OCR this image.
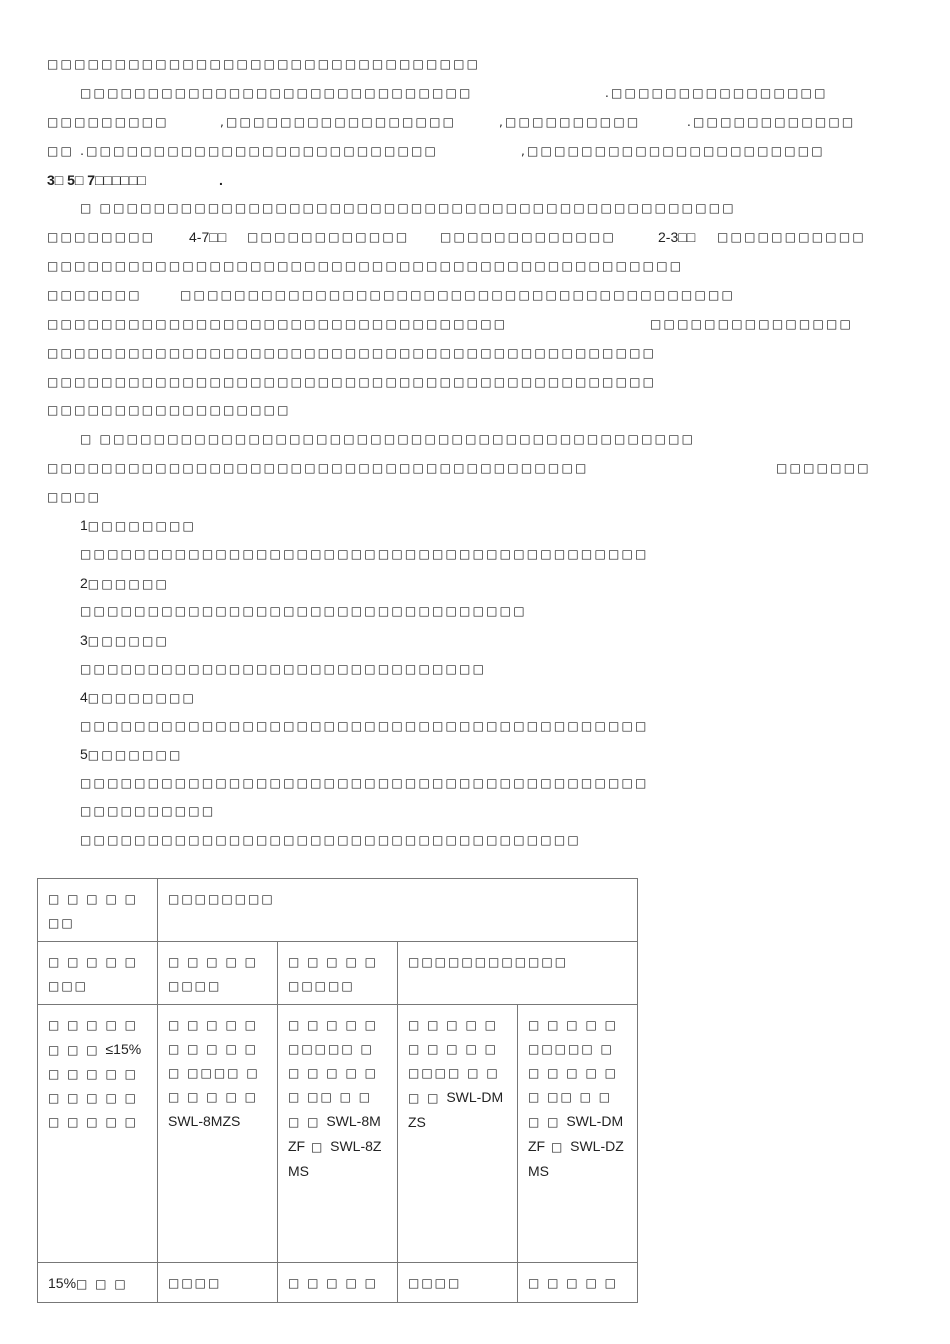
□□□□□□□□□□□□□□□□□□□□□□□□□□□□□□□□
□□□□□□□□□□□□□□□□□□□□□□□□□□□□□	.□□□□□□□□□□□□□□□□
□□□□□□□□□	,□□□□□□□□□□□□□□□□□	,□□□□□□□□□□	.□□□□□□□□□□□□
□□ .□□□□□□□□□□□□□□□□□□□□□□□□□□	,□□□□□□□□□□□□□□□□□□□□□□
3□ 5□ 7□□□□□□	.
□ □□□□□□□□□□□□□□□□□□□□□□□□□□□□□□□□□□□□□□□□□□□□□□□
□□□□□□□□ 4-7□□ □□□□□□□□□□□□	□□□□□□□□□□□□□	2-3□□ □□□□□□□□□□□
□□□□□□□□□□□□□□□□□□□□□□□□□□□□□□□□□□□□□□□□□□□□□□□
□□□□□□□	□□□□□□□□□□□□□□□□□□□□□□□□□□□□□□□□□□□□□□□□□
□□□□□□□□□□□□□□□□□□□□□□□□□□□□□□□□□□	□□□□□□□□□□□□□□□
□□□□□□□□□□□□□□□□□□□□□□□□□□□□□□□□□□□□□□□□□□□□□
□□□□□□□□□□□□□□□□□□□□□□□□□□□□□□□□□□□□□□□□□□□□□
□□□□□□□□□□□□□□□□□□
□ □□□□□□□□□□□□□□□□□□□□□□□□□□□□□□□□□□□□□□□□□□□□
□□□□□□□□□□□□□□□□□□□□□□□□□□□□□□□□□□□□□□□□	□□□□□□□
□□□□
1□□□□□□□□
□□□□□□□□□□□□□□□□□□□□□□□□□□□□□□□□□□□□□□□□□□
2□□□□□□
□□□□□□□□□□□□□□□□□□□□□□□□□□□□□□□□□
3□□□□□□
□□□□□□□□□□□□□□□□□□□□□□□□□□□□□□
4□□□□□□□□
□□□□□□□□□□□□□□□□□□□□□□□□□□□□□□□□□□□□□□□□□□
5□□□□□□□
□□□□□□□□□□□□□□□□□□□□□□□□□□□□□□□□□□□□□□□□□□
□□□□□□□□□□
□□□□□□□□□□□□□□□□□□□□□□□□□□□□□□□□□□□□□
□ □ □ □ □ □□	□□□□□□□□			
□ □ □ □ □ □□□	□ □ □ □ □ □□□□	□ □ □ □ □ □□□□□	□□□□□□□□□□□□	
□ □ □ □ □ □ □ □ ≤15% □ □ □ □ □ □ □ □ □ □ □ □ □ □ □	□ □ □ □ □ □ □ □ □ □ □ □□□□ □ □ □ □ □ □ SWL-8MZS	□ □ □ □ □ □□□□□ □ □ □ □ □ □ □ □□ □ □ □ □ SWL-8MZF □ SWL-8ZMS	□ □ □ □ □ □ □ □ □ □ □□□□ □ □ □ □ SWL-DMZS	□ □ □ □ □ □□□□□ □ □ □ □ □ □ □ □□ □ □ □ □ SWL-DMZF □ SWL-DZMS
15%□ □ □	□□□□	□ □ □ □ □	□□□□	□ □ □ □ □
